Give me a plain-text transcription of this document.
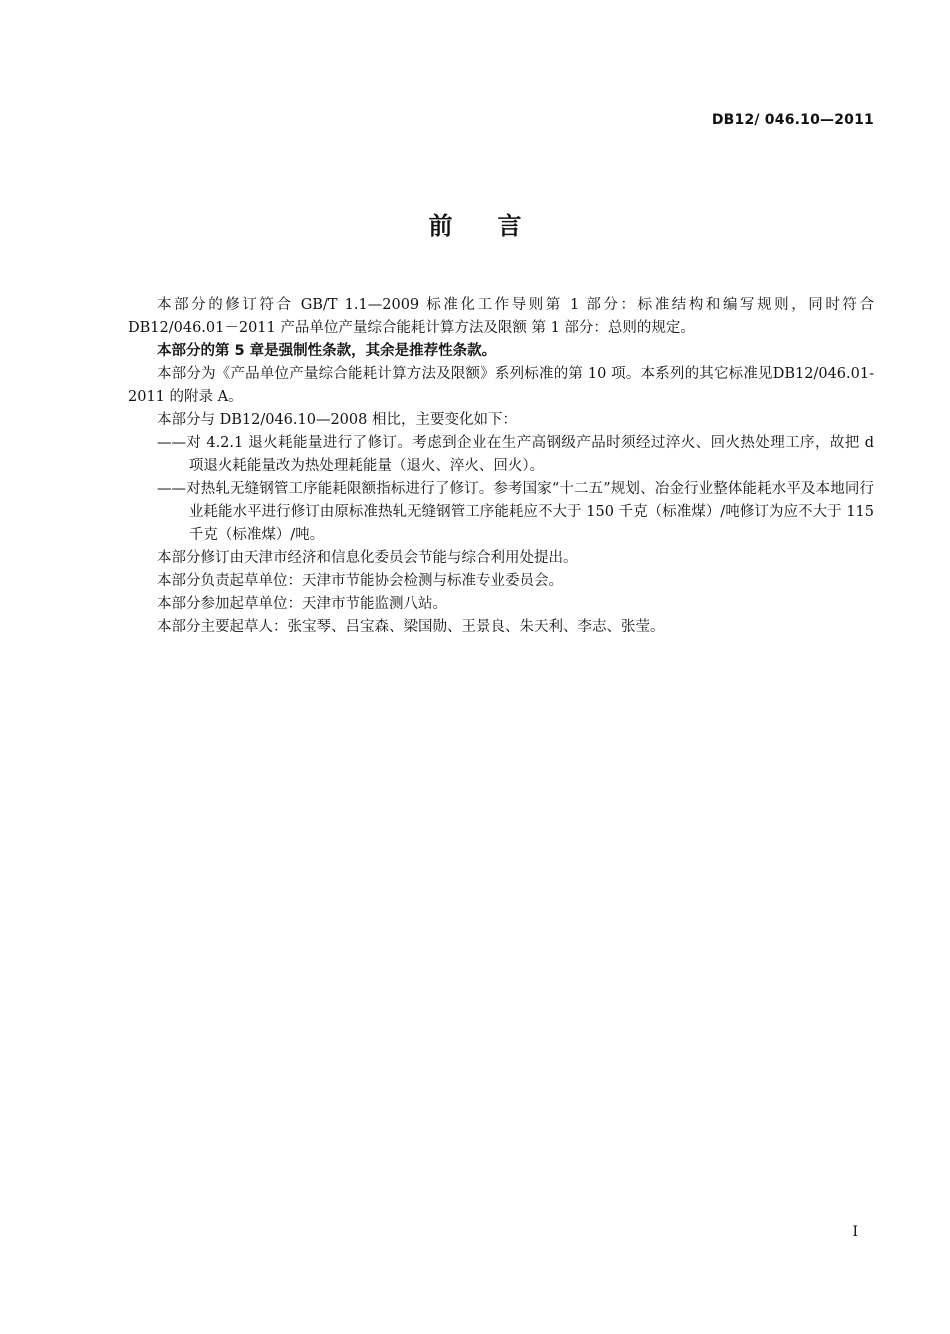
DB12/ 046.10—2011
前言

本部分的修订符合 GB/T 1.1—2009 标准化工作导则第 1 部分：标准结构和编写规则，同时符合DB12/046.01－2011 产品单位产量综合能耗计算方法及限额 第 1 部分：总则的规定。

本部分的第 5 章是强制性条款，其余是推荐性条款。

本部分为《产品单位产量综合能耗计算方法及限额》系列标准的第 10 项。本系列的其它标准见DB12/046.01-2011 的附录 A。

本部分与 DB12/046.10—2008 相比，主要变化如下：

——对 4.2.1 退火耗能量进行了修订。考虑到企业在生产高钢级产品时须经过淬火、回火热处理工序，故把 d 项退火耗能量改为热处理耗能量（退火、淬火、回火）。

——对热轧无缝钢管工序能耗限额指标进行了修订。参考国家“十二五”规划、冶金行业整体能耗水平及本地同行业耗能水平进行修订由原标准热轧无缝钢管工序能耗应不大于 150 千克（标准煤）/吨修订为应不大于 115 千克（标准煤）/吨。

本部分修订由天津市经济和信息化委员会节能与综合利用处提出。

本部分负责起草单位：天津市节能协会检测与标准专业委员会。

本部分参加起草单位：天津市节能监测八站。

本部分主要起草人：张宝琴、吕宝森、梁国勋、王景良、朱天利、李志、张莹。

I
